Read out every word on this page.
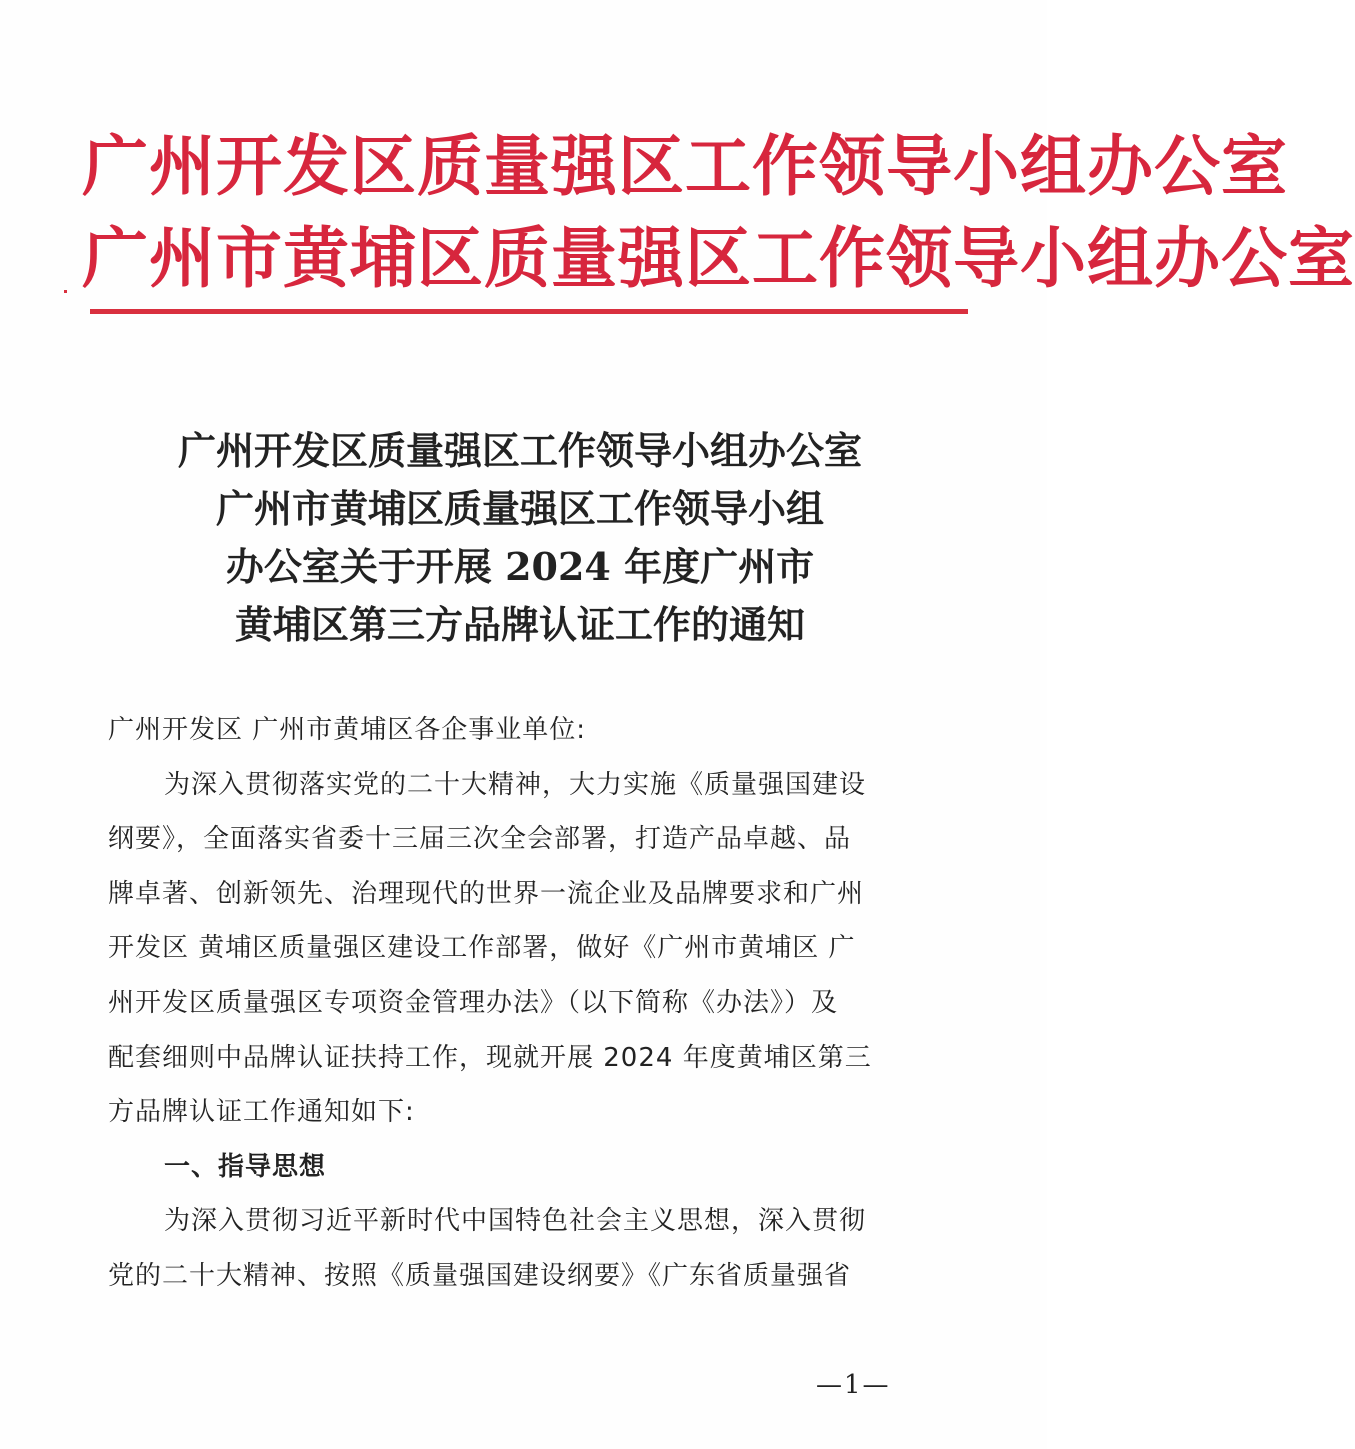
广州开发区质量强区工作领导小组办公室
广州市黄埔区质量强区工作领导小组办公室
广州开发区质量强区工作领导小组办公室
广州市黄埔区质量强区工作领导小组
办公室关于开展 2024 年度广州市
黄埔区第三方品牌认证工作的通知
广州开发区 广州市黄埔区各企事业单位:
为深入贯彻落实党的二十大精神，大力实施《质量强国建设
纲要》，全面落实省委十三届三次全会部署，打造产品卓越、品
牌卓著、创新领先、治理现代的世界一流企业及品牌要求和广州
开发区 黄埔区质量强区建设工作部署，做好《广州市黄埔区 广
州开发区质量强区专项资金管理办法》（以下简称《办法》）及
配套细则中品牌认证扶持工作，现就开展 2024 年度黄埔区第三
方品牌认证工作通知如下:
一、指导思想
为深入贯彻习近平新时代中国特色社会主义思想，深入贯彻
党的二十大精神、按照《质量强国建设纲要》《广东省质量强省
—1—
